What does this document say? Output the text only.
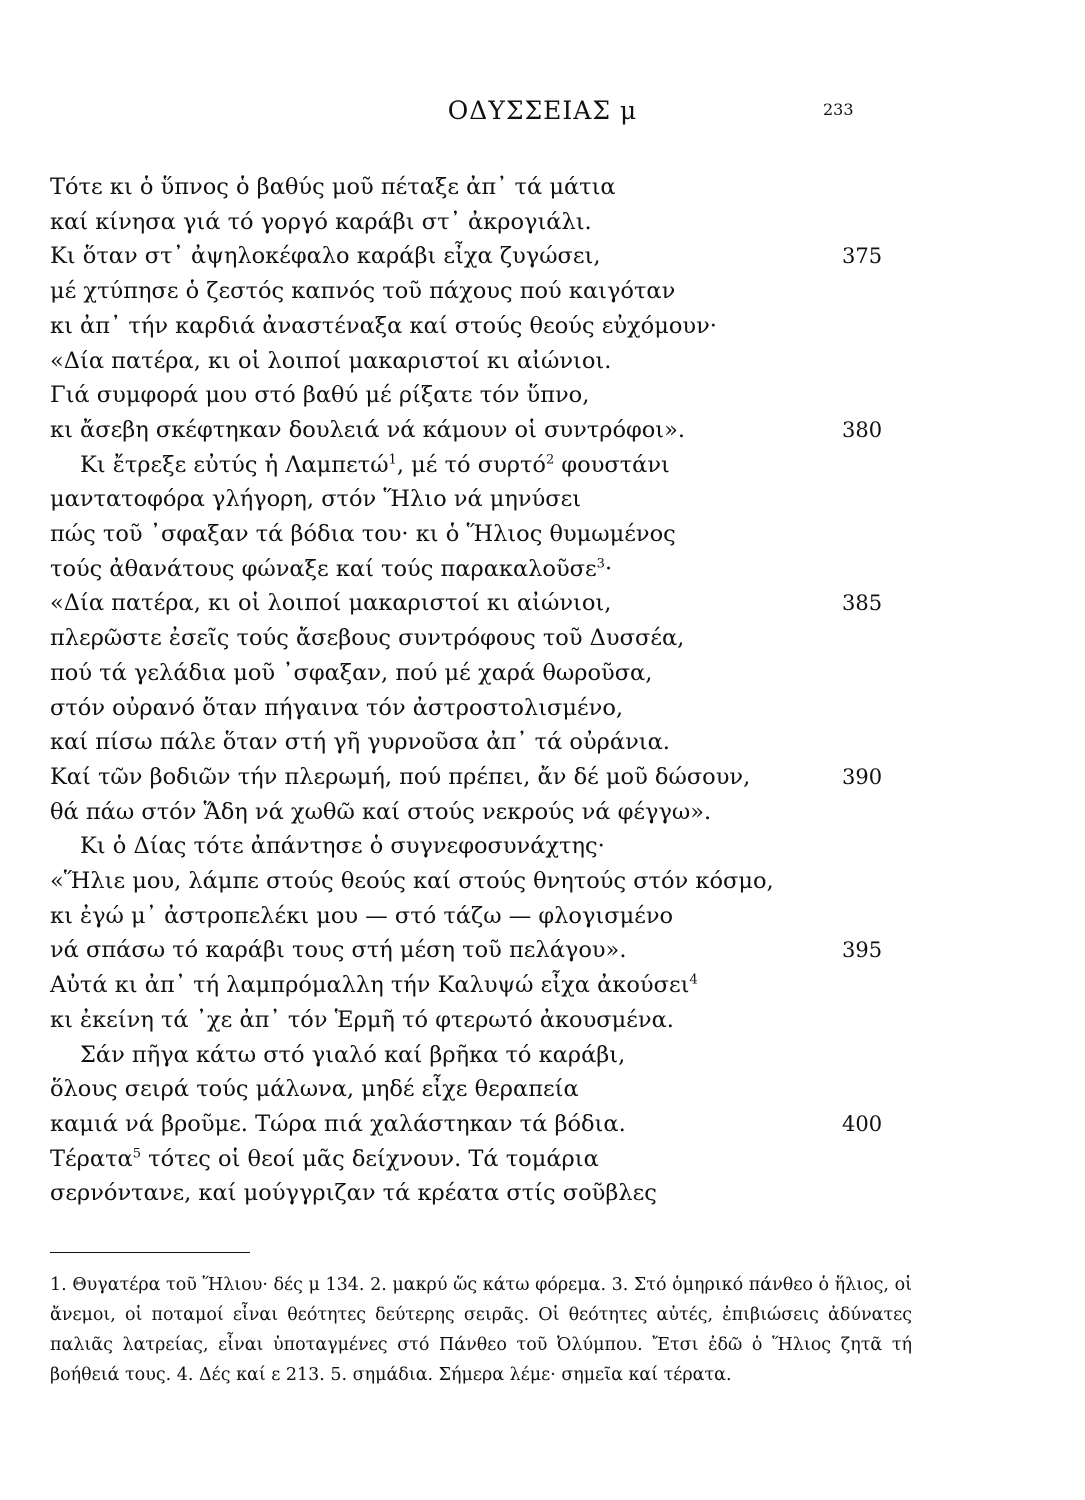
ΟΔΥΣΣΕΙΑΣ μ	233
Τότε κι ὁ ὕπνος ὁ βαθύς μοῦ πέταξε ἀπ᾿ τά μάτια
καί κίνησα γιά τό γοργό καράβι στ᾿ ἀκρογιάλι.
Κι ὅταν στ᾿ ἀψηλοκέφαλο καράβι εἶχα ζυγώσει,	375
μέ χτύπησε ὁ ζεστός καπνός τοῦ πάχους πού καιγόταν
κι ἀπ᾿ τήν καρδιά ἀναστέναξα καί στούς θεούς εὐχόμουν·
«Δία πατέρα, κι οἱ λοιποί μακαριστοί κι αἰώνιοι.
Γιά συμφορά μου στό βαθύ μέ ρίξατε τόν ὕπνο,
κι ἄσεβη σκέφτηκαν δουλειά νά κάμουν οἱ συντρόφοι».	380
Κι ἔτρεξε εὐτύς ἡ Λαμπετώ$^1$, μέ τό συρτό$^2$ φουστάνι
μαντατοφόρα γλήγορη, στόν Ἥλιο νά μηνύσει
πώς τοῦ ᾿σφαξαν τά βόδια του· κι ὁ Ἥλιος θυμωμένος
τούς ἀθανάτους φώναξε καί τούς παρακαλοῦσε$^3$·
«Δία πατέρα, κι οἱ λοιποί μακαριστοί κι αἰώνιοι,	385
πλερῶστε ἐσεῖς τούς ἄσεβους συντρόφους τοῦ Δυσσέα,
πού τά γελάδια μοῦ ᾿σφαξαν, πού μέ χαρά θωροῦσα,
στόν οὐρανό ὅταν πήγαινα τόν ἀστροστολισμένο,
καί πίσω πάλε ὅταν στή γῆ γυρνοῦσα ἀπ᾿ τά οὐράνια.
Καί τῶν βοδιῶν τήν πλερωμή, πού πρέπει, ἄν δέ μοῦ δώσουν,	390
θά πάω στόν Ἅδη νά χωθῶ καί στούς νεκρούς νά φέγγω».
Κι ὁ Δίας τότε ἀπάντησε ὁ συγνεφοσυνάχτης·
«Ἥλιε μου, λάμπε στούς θεούς καί στούς θνητούς στόν κόσμο,
κι ἐγώ μ᾿ ἀστροπελέκι μου — στό τάζω — φλογισμένο
νά σπάσω τό καράβι τους στή μέση τοῦ πελάγου».	395
Αὐτά κι ἀπ᾿ τή λαμπρόμαλλη τήν Καλυψώ εἶχα ἀκούσει$^4$
κι ἐκείνη τά ᾿χε ἀπ᾿ τόν Ἑρμῆ τό φτερωτό ἀκουσμένα.
Σάν πῆγα κάτω στό γιαλό καί βρῆκα τό καράβι,
ὅλους σειρά τούς μάλωνα, μηδέ εἶχε θεραπεία
καμιά νά βροῦμε. Τώρα πιά χαλάστηκαν τά βόδια.	400
Τέρατα$^5$ τότες οἱ θεοί μᾶς δείχνουν. Τά τομάρια
σερνόντανε, καί μούγγριζαν τά κρέατα στίς σοῦβλες
1. Θυγατέρα τοῦ Ἥλιου· δές μ 134. 2. μακρύ ὥς κάτω φόρεμα. 3. Στό ὁμηρικό πάνθεο ὁ ἥλιος, οἱ ἄνεμοι, οἱ ποταμοί εἶναι θεότητες δεύτερης σειρᾶς. Οἱ θεότητες αὐτές, ἐπιβιώσεις ἀδύνατες παλιᾶς λατρείας, εἶναι ὑποταγμένες στό Πάνθεο τοῦ Ὀλύμπου. Ἔτσι ἐδῶ ὁ Ἥλιος ζητᾶ τή βοήθειά τους. 4. Δές καί ε 213. 5. σημάδια. Σήμερα λέμε· σημεῖα καί τέρατα.
